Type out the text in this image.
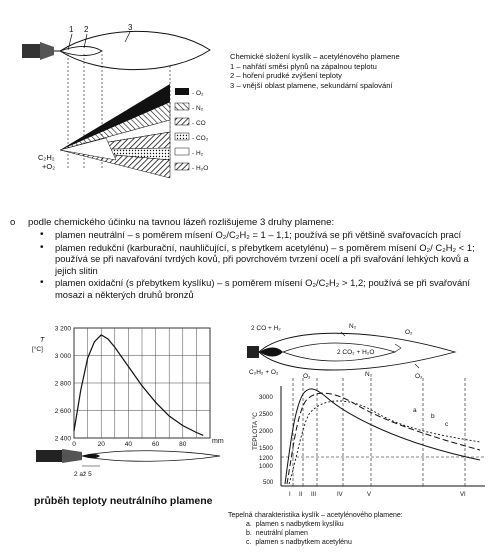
1 2	3
C₂H₂
+O₂
- O₂
- N₂
- CO
- CO₂
- H₂
- H₂O
Chemické složení kyslík – acetylénového plamene
1 – nahřátí směsi plynů na zápalnou teplotu
2 – hoření prudké zvýšení teploty
3 – vnější oblast plamene, sekundární spalování
o podle chemického účinku na tavnou lázeň rozlišujeme 3 druhy plamene:
• plamen neutrální – s poměrem mísení O₂/C₂H₂ = 1 – 1,1; používá se při většině svařovacích prací
• plamen redukční (karburační, nauhličující, s přebytkem acetylénu) – s poměrem mísení O₂/ C₂H₂ < 1; používá se při navařování tvrdých kovů, při povrchovém tvrzení ocelí a při svařování lehkých kovů a jejich slitin
• plamen oxidační (s přebytkem kyslíku) – s poměrem mísení O₂/C₂H₂ > 1,2; používá se při svařování mosazi a některých druhů bronzů
3 200
3 000
2 800
2 600
2 400
0	20	40	60	80
T
[°C]
mm
2 až 5
průběh teploty neutrálního plamene
2 CO + H₂	N₂
O₂
2 CO₂ + H₂O
C₂H₂ + O₂
O₂	N₂	O₂
TEPLOTA °C
3000
2500
2000
1500
1200
1000
500
I II III	IV	V	VI
a
b
c
Tepelná charakteristika kyslík – acetylénového plamene:
a. plamen s nadbytkem kyslíku
b. neutrální plamen
c. plamen s nadbytkem acetylénu
